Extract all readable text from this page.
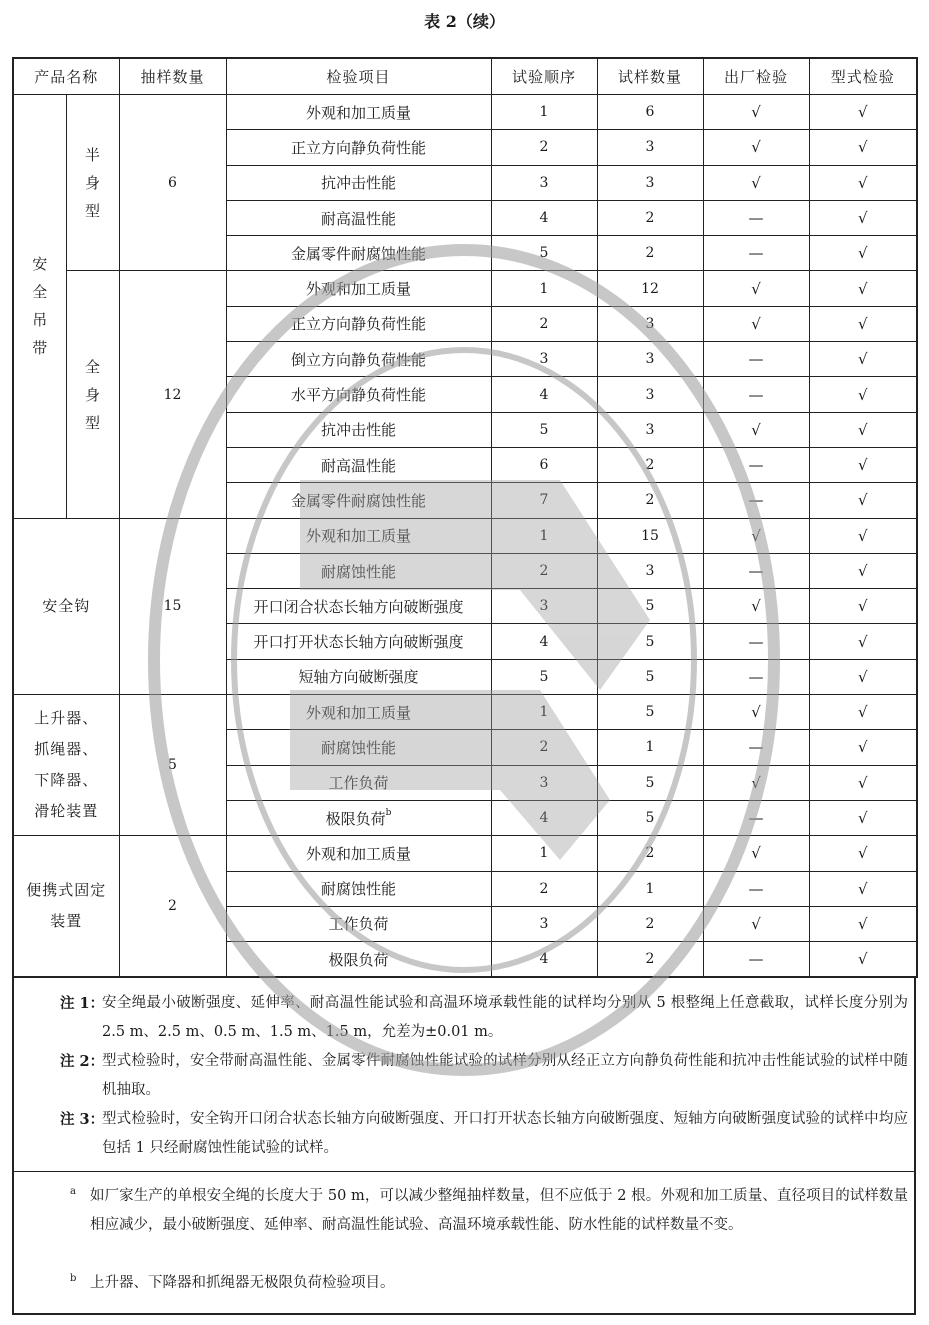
表 2（续）
产品名称		抽样数量	检验项目	试验顺序	试样数量	出厂检验	型式检验
安全吊带	半身型	6	外观和加工质量	1	6	√	√
			正立方向静负荷性能	2	3	√	√
			抗冲击性能	3	3	√	√
			耐高温性能	4	2	—	√
			金属零件耐腐蚀性能	5	2	—	√
	全身型	12	外观和加工质量	1	12	√	√
			正立方向静负荷性能	2	3	√	√
			倒立方向静负荷性能	3	3	—	√
			水平方向静负荷性能	4	3	—	√
			抗冲击性能	5	3	√	√
			耐高温性能	6	2	—	√
			金属零件耐腐蚀性能	7	2	—	√
安全钩		15	外观和加工质量	1	15	√	√
			耐腐蚀性能	2	3	—	√
			开口闭合状态长轴方向破断强度	3	5	√	√
			开口打开状态长轴方向破断强度	4	5	—	√
			短轴方向破断强度	5	5	—	√

上升器、
抓绳器、
下降器、
滑轮装置		5	外观和加工质量	1	5	√	√
			耐腐蚀性能	2	1	—	√
			工作负荷	3	5	√	√
			极限负荷$^b$	4	5	—	√

便携式固定
装置		2	外观和加工质量	1	2	√	√
			耐腐蚀性能	2	1	—	√
			工作负荷	3	2	√	√
			极限负荷	4	2	—	√
注 1：
安全绳最小破断强度、延伸率、耐高温性能试验和高温环境承载性能的试样均分别从 5 根整绳上任意截取，试样长度分别为 2.5 m、2.5 m、0.5 m、1.5 m、1.5 m，允差为±0.01 m。
注 2：
型式检验时，安全带耐高温性能、金属零件耐腐蚀性能试验的试样分别从经正立方向静负荷性能和抗冲击性能试验的试样中随机抽取。
注 3：
型式检验时，安全钩开口闭合状态长轴方向破断强度、开口打开状态长轴方向破断强度、短轴方向破断强度试验的试样中均应包括 1 只经耐腐蚀性能试验的试样。
a 如厂家生产的单根安全绳的长度大于 50 m，可以减少整绳抽样数量，但不应低于 2 根。外观和加工质量、直径项目的试样数量相应减少，最小破断强度、延伸率、耐高温性能试验、高温环境承载性能、防水性能的试样数量不变。
b 上升器、下降器和抓绳器无极限负荷检验项目。
